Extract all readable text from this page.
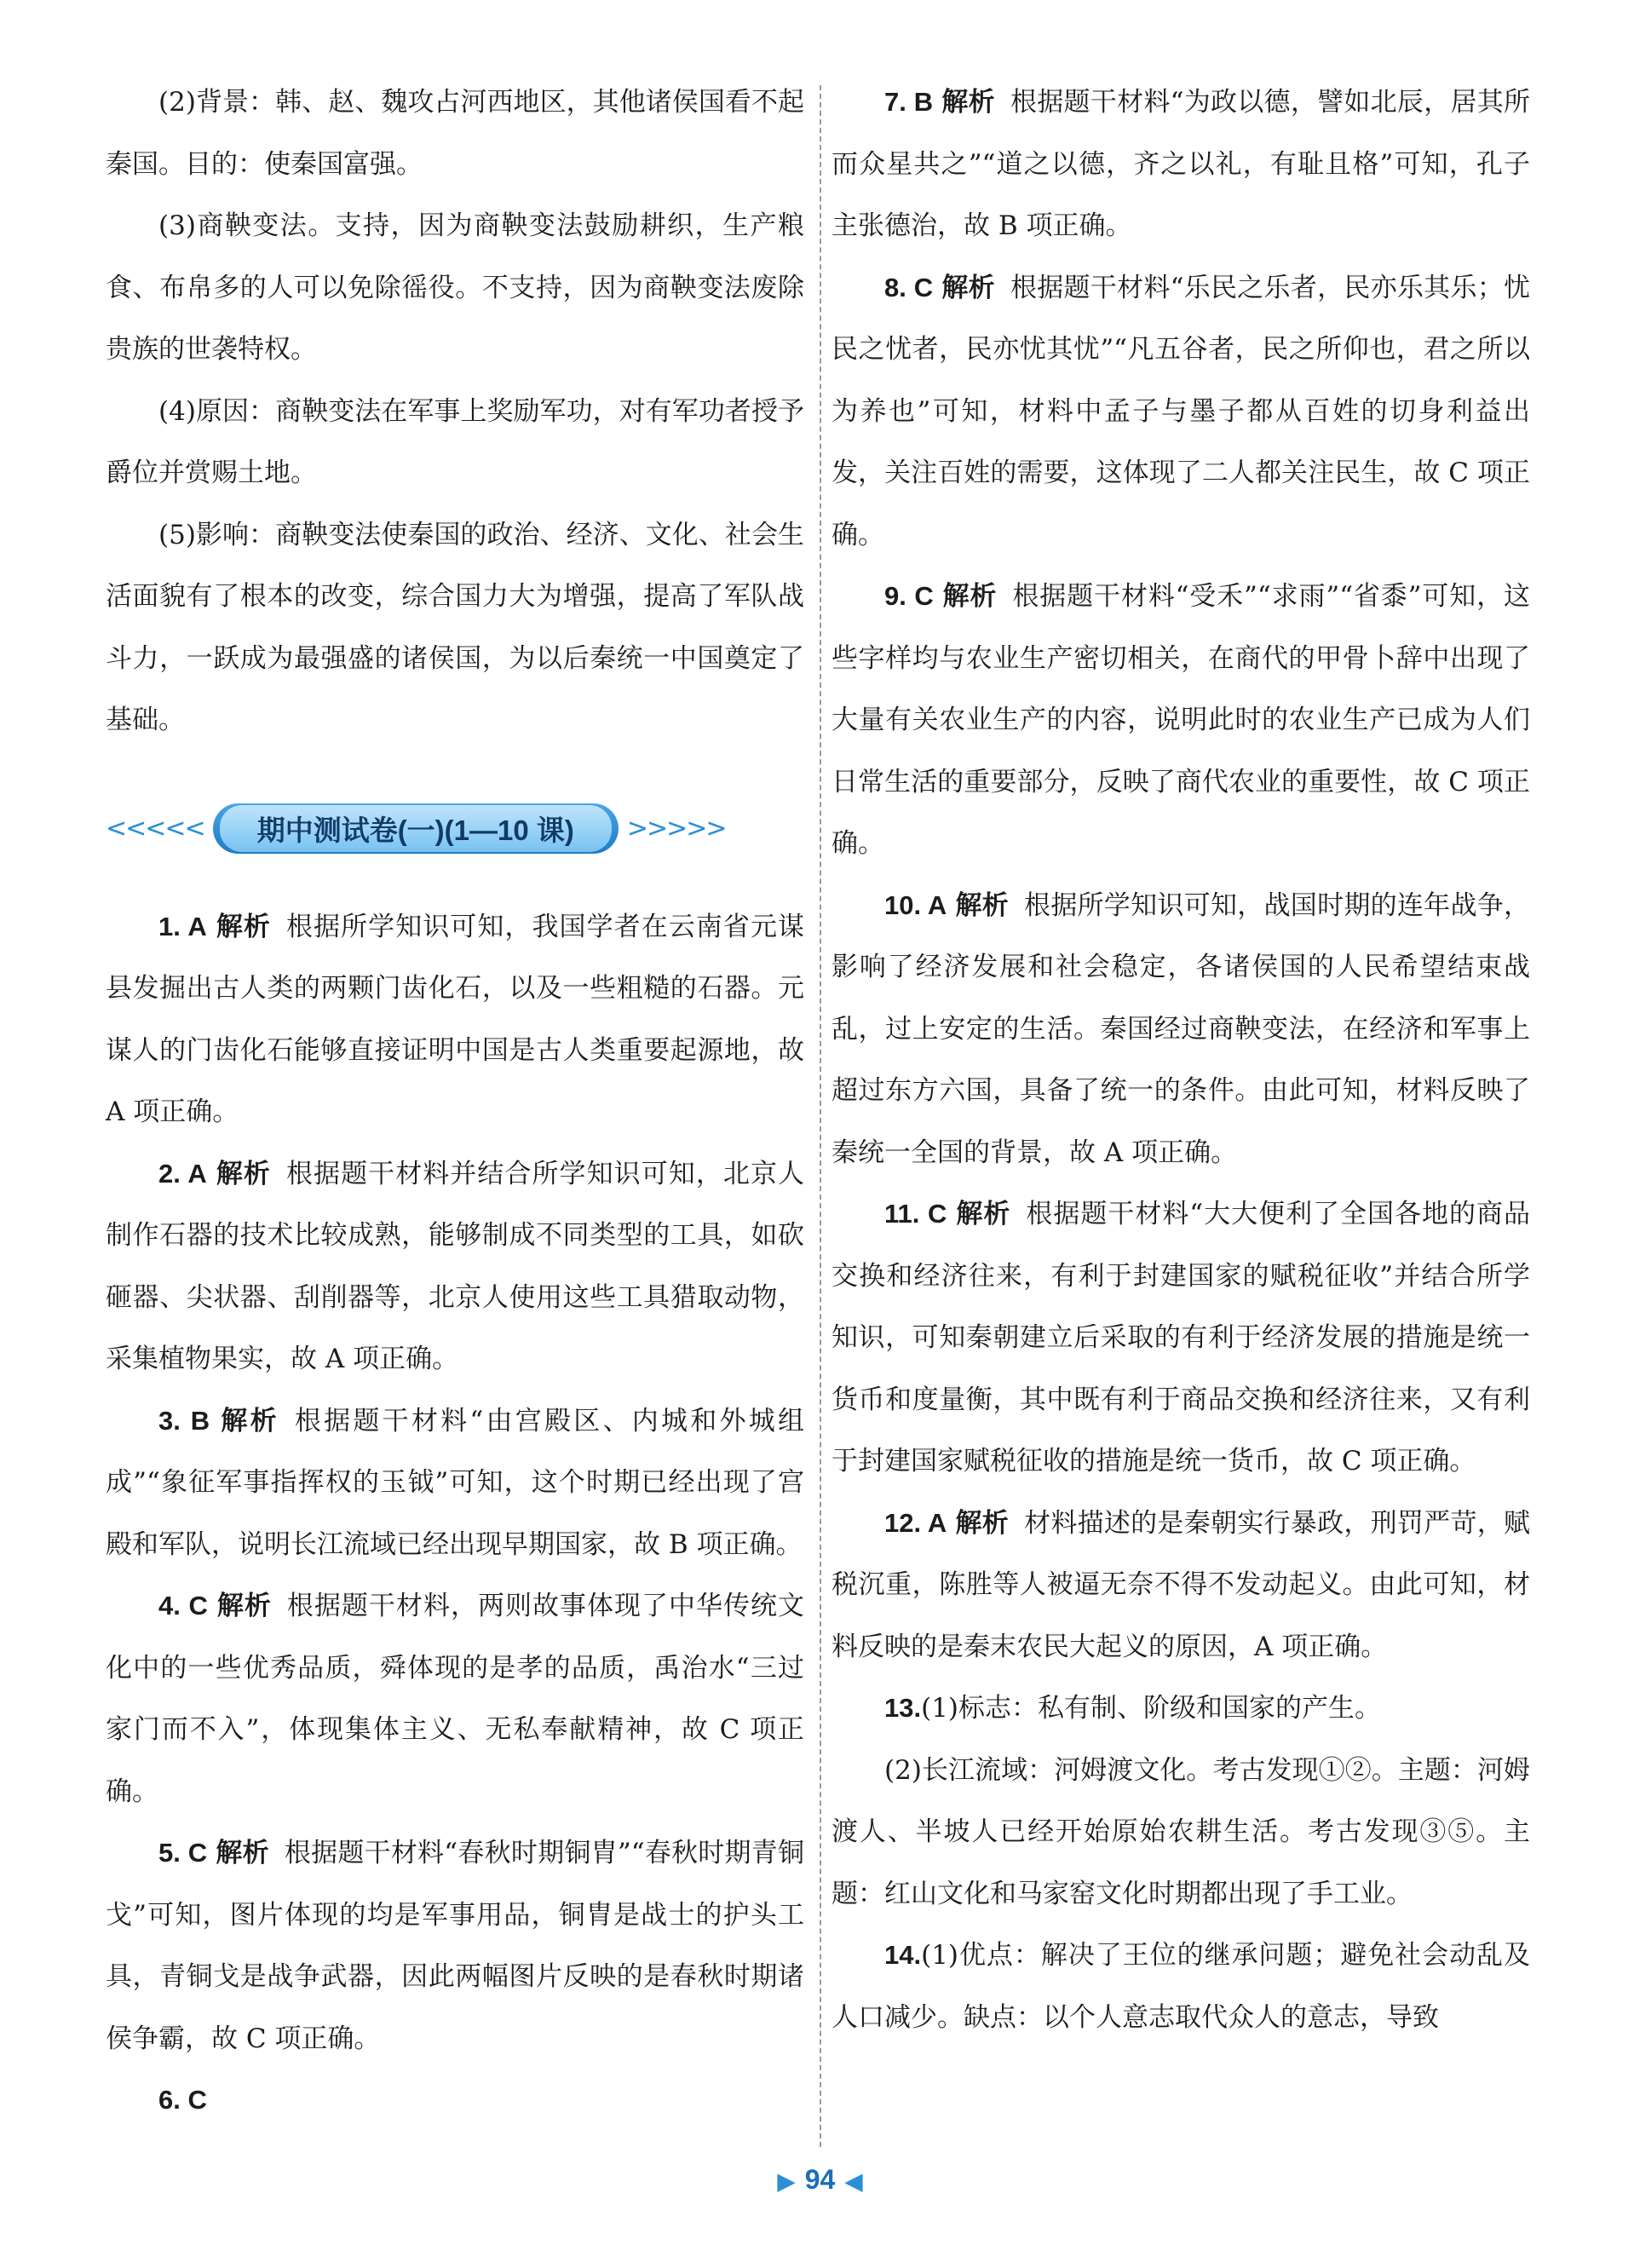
(2)背景：韩、赵、魏攻占河西地区，其他诸侯国看不起秦国。目的：使秦国富强。

(3)商鞅变法。支持，因为商鞅变法鼓励耕织，生产粮食、布帛多的人可以免除徭役。不支持，因为商鞅变法废除贵族的世袭特权。

(4)原因：商鞅变法在军事上奖励军功，对有军功者授予爵位并赏赐土地。

(5)影响：商鞅变法使秦国的政治、经济、文化、社会生活面貌有了根本的改变，综合国力大为增强，提高了军队战斗力，一跃成为最强盛的诸侯国，为以后秦统一中国奠定了基础。

<<<<<	期中测试卷(一)(1—10 课)	>>>>>

1. A 解析 根据所学知识可知，我国学者在云南省元谋县发掘出古人类的两颗门齿化石，以及一些粗糙的石器。元谋人的门齿化石能够直接证明中国是古人类重要起源地，故 A 项正确。

2. A 解析 根据题干材料并结合所学知识可知，北京人制作石器的技术比较成熟，能够制成不同类型的工具，如砍砸器、尖状器、刮削器等，北京人使用这些工具猎取动物，采集植物果实，故 A 项正确。

3. B 解析 根据题干材料“由宫殿区、内城和外城组成”“象征军事指挥权的玉钺”可知，这个时期已经出现了宫殿和军队，说明长江流域已经出现早期国家，故 B 项正确。

4. C 解析 根据题干材料，两则故事体现了中华传统文化中的一些优秀品质，舜体现的是孝的品质，禹治水“三过家门而不入”，体现集体主义、无私奉献精神，故 C 项正确。

5. C 解析 根据题干材料“春秋时期铜胄”“春秋时期青铜戈”可知，图片体现的均是军事用品，铜胄是战士的护头工具，青铜戈是战争武器，因此两幅图片反映的是春秋时期诸侯争霸，故 C 项正确。

6. C

7. B 解析 根据题干材料“为政以德，譬如北辰，居其所而众星共之”“道之以德，齐之以礼，有耻且格”可知，孔子主张德治，故 B 项正确。

8. C 解析 根据题干材料“乐民之乐者，民亦乐其乐；忧民之忧者，民亦忧其忧”“凡五谷者，民之所仰也，君之所以为养也”可知，材料中孟子与墨子都从百姓的切身利益出发，关注百姓的需要，这体现了二人都关注民生，故 C 项正确。

9. C 解析 根据题干材料“受禾”“求雨”“省黍”可知，这些字样均与农业生产密切相关，在商代的甲骨卜辞中出现了大量有关农业生产的内容，说明此时的农业生产已成为人们日常生活的重要部分，反映了商代农业的重要性，故 C 项正确。

10. A 解析 根据所学知识可知，战国时期的连年战争，影响了经济发展和社会稳定，各诸侯国的人民希望结束战乱，过上安定的生活。秦国经过商鞅变法，在经济和军事上超过东方六国，具备了统一的条件。由此可知，材料反映了秦统一全国的背景，故 A 项正确。

11. C 解析 根据题干材料“大大便利了全国各地的商品交换和经济往来，有利于封建国家的赋税征收”并结合所学知识，可知秦朝建立后采取的有利于经济发展的措施是统一货币和度量衡，其中既有利于商品交换和经济往来，又有利于封建国家赋税征收的措施是统一货币，故 C 项正确。

12. A 解析 材料描述的是秦朝实行暴政，刑罚严苛，赋税沉重，陈胜等人被逼无奈不得不发动起义。由此可知，材料反映的是秦末农民大起义的原因，A 项正确。

13.(1)标志：私有制、阶级和国家的产生。

(2)长江流域：河姆渡文化。考古发现①②。主题：河姆渡人、半坡人已经开始原始农耕生活。考古发现③⑤。主题：红山文化和马家窑文化时期都出现了手工业。

14.(1)优点：解决了王位的继承问题；避免社会动乱及人口减少。缺点：以个人意志取代众人的意志，导致

▶ 94 ◀
